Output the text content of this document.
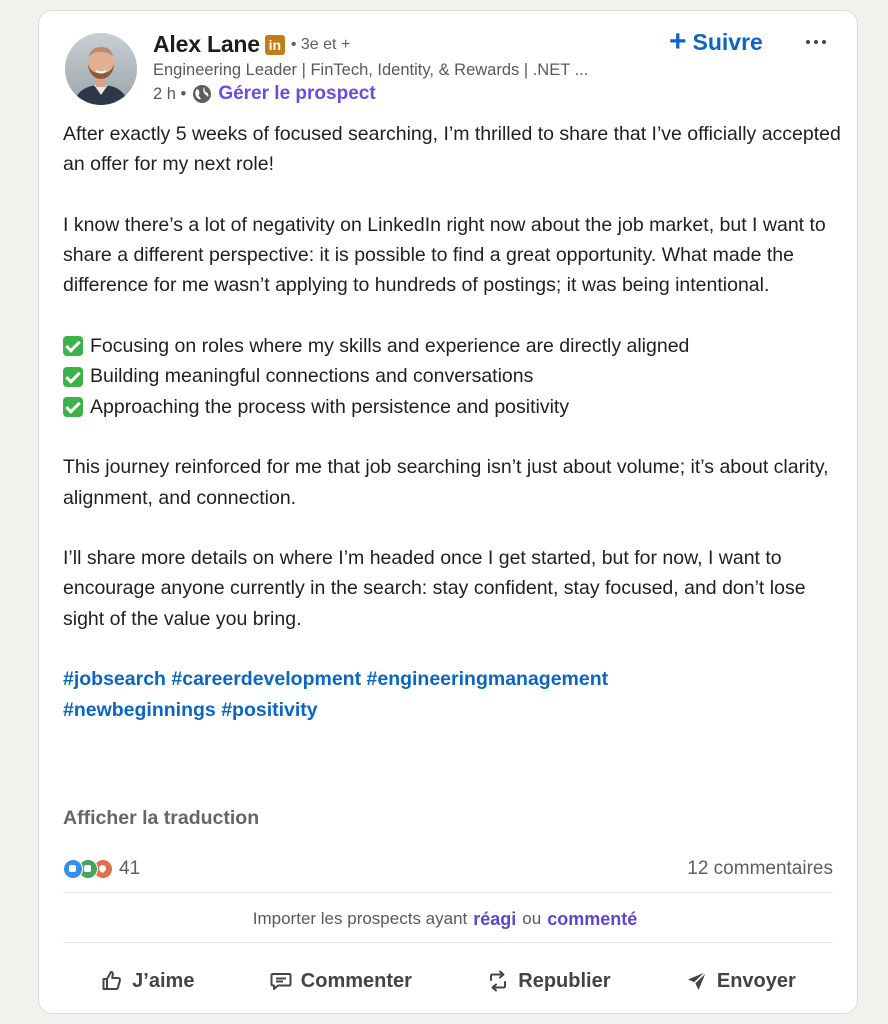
Alex Lane in • 3e et +
Engineering Leader | FinTech, Identity, & Rewards | .NET ...
2 h • Gérer le prospect
+ Suivre

After exactly 5 weeks of focused searching, I’m thrilled to share that I’ve officially accepted an offer for my next role!

I know there’s a lot of negativity on LinkedIn right now about the job market, but I want to share a different perspective: it is possible to find a great opportunity. What made the difference for me wasn’t applying to hundreds of postings; it was being intentional.

Focusing on roles where my skills and experience are directly aligned
Building meaningful connections and conversations
Approaching the process with persistence and positivity

This journey reinforced for me that job searching isn’t just about volume; it’s about clarity, alignment, and connection.

I’ll share more details on where I’m headed once I get started, but for now, I want to encourage anyone currently in the search: stay confident, stay focused, and don’t lose sight of the value you bring.

#jobsearch #careerdevelopment #engineeringmanagement
#newbeginnings #positivity

Afficher la traduction
41	12 commentaires
Importer les prospects ayant réagi ou commenté
J’aime	Commenter	Republier	Envoyer
